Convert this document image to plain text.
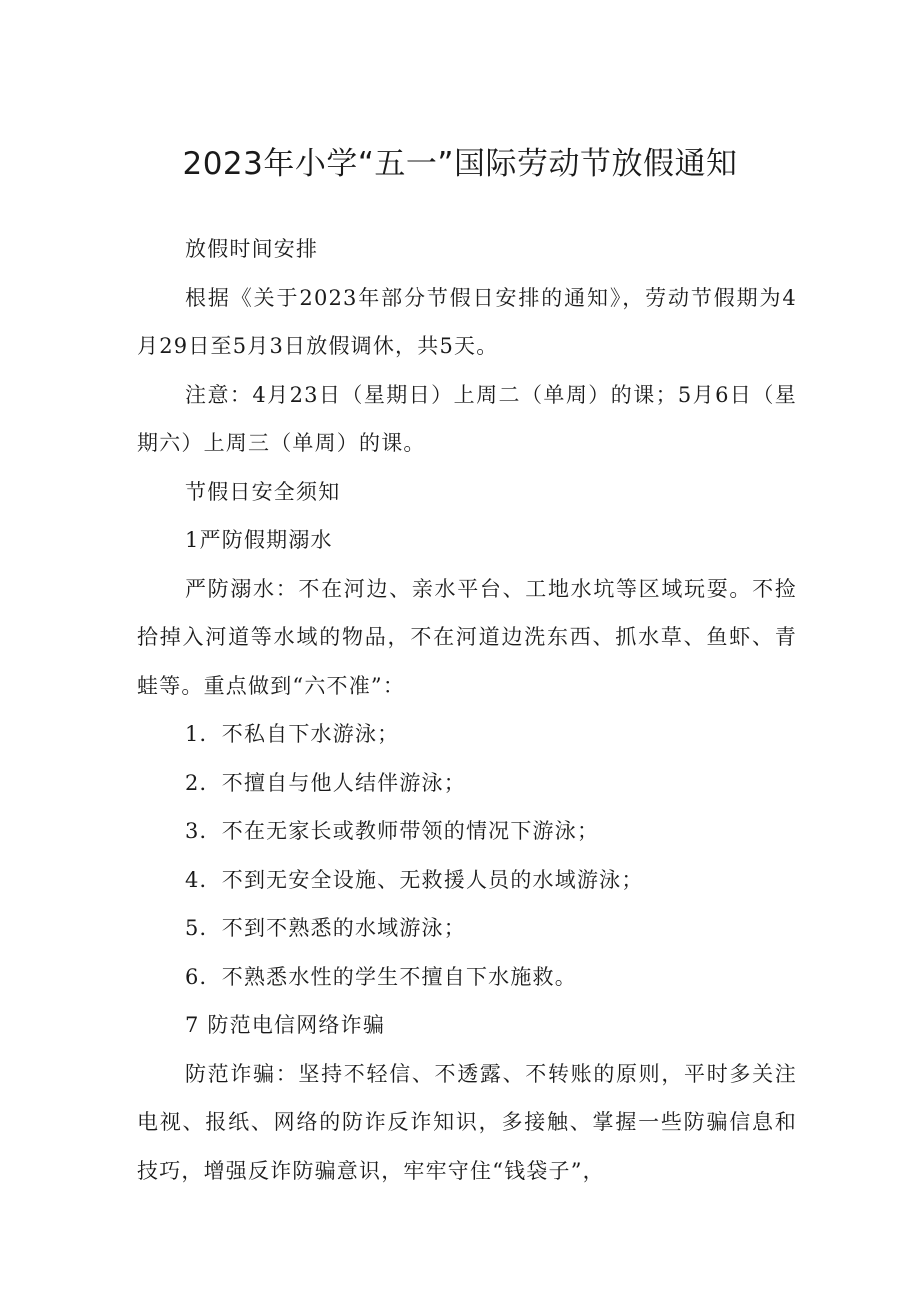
2023年小学“五一”国际劳动节放假通知

放假时间安排

根据《关于2023年部分节假日安排的通知》，劳动节假期为4月29日至5月3日放假调休，共5天。

注意：4月23日（星期日）上周二（单周）的课；5月6日（星期六）上周三（单周）的课。

节假日安全须知

1严防假期溺水

严防溺水：不在河边、亲水平台、工地水坑等区域玩耍。不捡拾掉入河道等水域的物品，不在河道边洗东西、抓水草、鱼虾、青蛙等。重点做到“六不准”：

1．不私自下水游泳；

2．不擅自与他人结伴游泳；

3．不在无家长或教师带领的情况下游泳；

4．不到无安全设施、无救援人员的水域游泳；

5．不到不熟悉的水域游泳；

6．不熟悉水性的学生不擅自下水施救。

7 防范电信网络诈骗

防范诈骗：坚持不轻信、不透露、不转账的原则，平时多关注电视、报纸、网络的防诈反诈知识，多接触、掌握一些防骗信息和技巧，增强反诈防骗意识，牢牢守住“钱袋子”，
